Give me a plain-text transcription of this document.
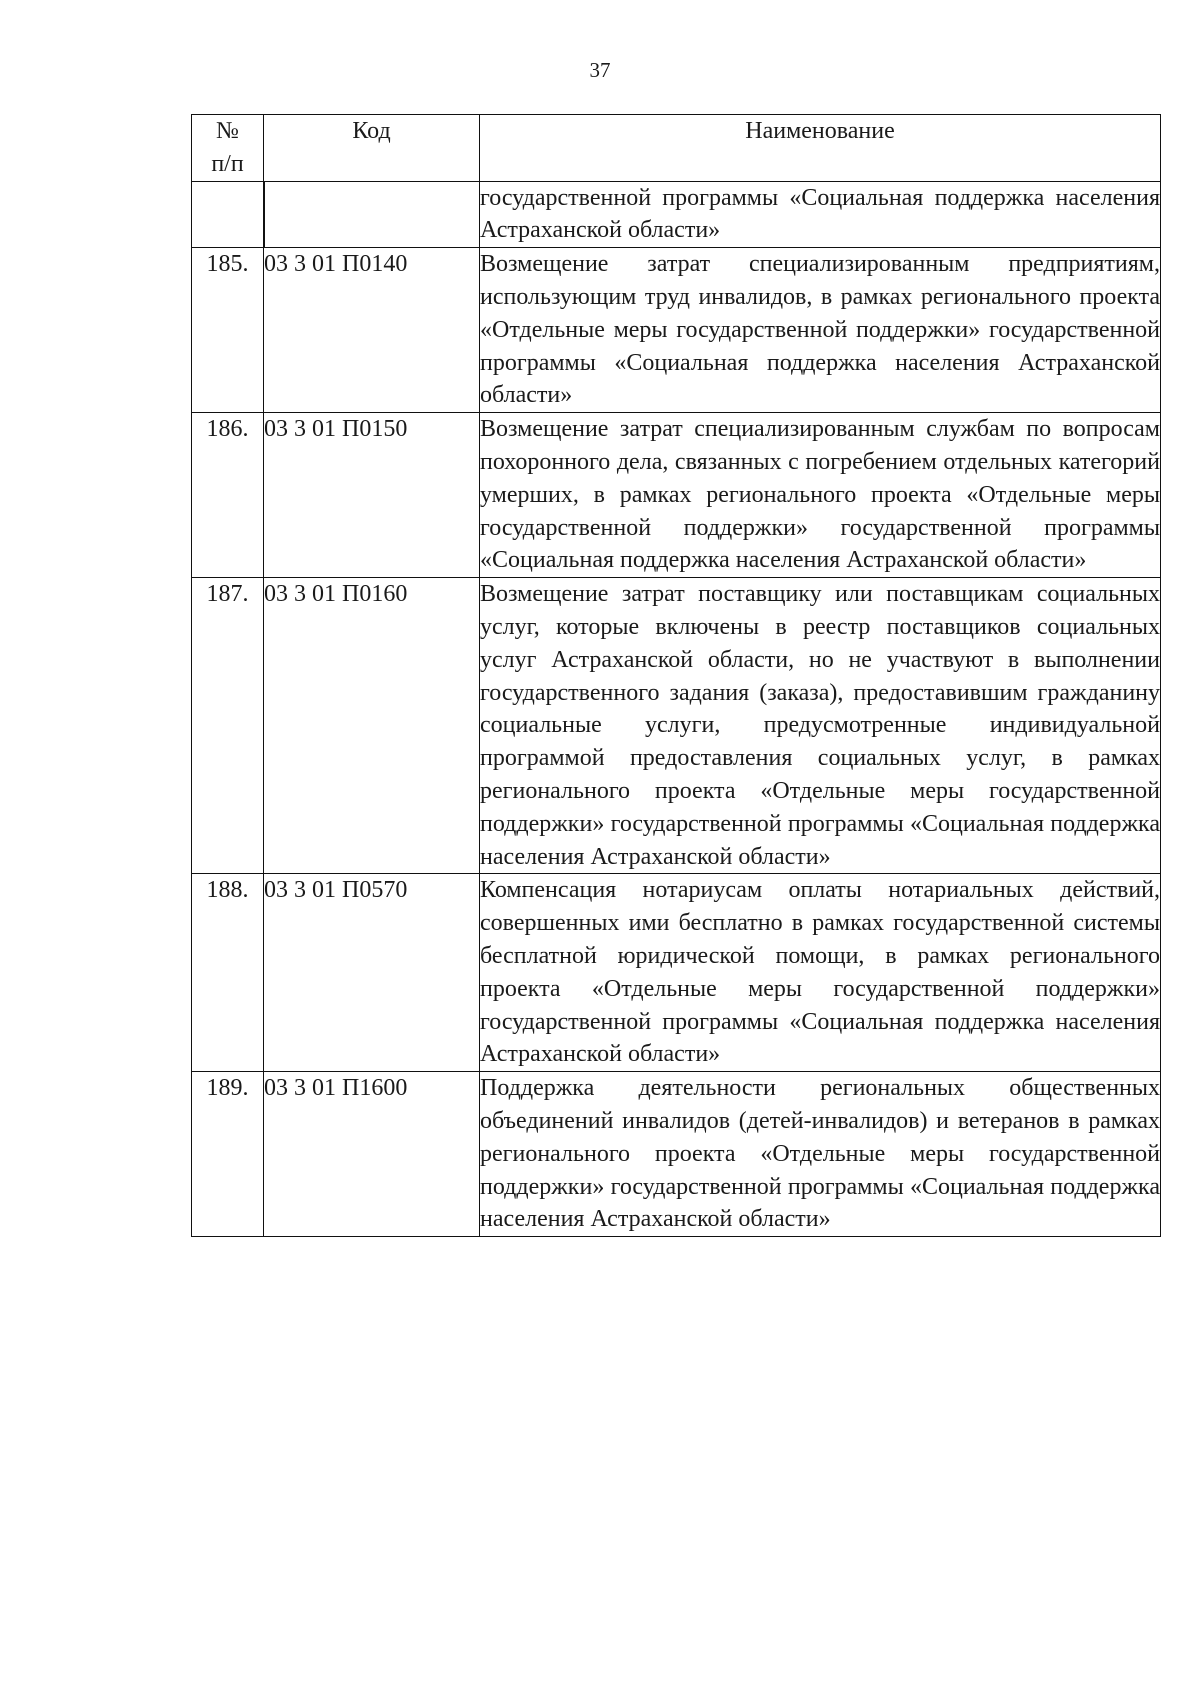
37
№
п/п	Код	Наименование
		государственной программы «Социальная поддержка населения Астраханской области»
185.	03 3 01 П0140	Возмещение затрат специализированным предприятиям, использующим труд инвалидов, в рамках регионального проекта «Отдельные меры государственной поддержки» государственной программы «Социальная поддержка населения Астраханской области»
186.	03 3 01 П0150	Возмещение затрат специализированным службам по вопросам похоронного дела, связанных с погребением отдельных категорий умерших, в рамках регионального проекта «Отдельные меры государственной поддержки» государственной программы «Социальная поддержка населения Астраханской области»
187.	03 3 01 П0160	Возмещение затрат поставщику или поставщикам социальных услуг, которые включены в реестр поставщиков социальных услуг Астраханской области, но не участвуют в выполнении государственного задания (заказа), предоставившим гражданину социальные услуги, предусмотренные индивидуальной программой предоставления социальных услуг, в рамках регионального проекта «Отдельные меры государственной поддержки» государственной программы «Социальная поддержка населения Астраханской области»
188.	03 3 01 П0570	Компенсация нотариусам оплаты нотариальных действий, совершенных ими бесплатно в рамках государственной системы бесплатной юридической помощи, в рамках регионального проекта «Отдельные меры государственной поддержки» государственной программы «Социальная поддержка населения Астраханской области»
189.	03 3 01 П1600	Поддержка деятельности региональных общественных объединений инвалидов (детей-инвалидов) и ветеранов в рамках регионального проекта «Отдельные меры государственной поддержки» государственной программы «Социальная поддержка населения Астраханской области»
